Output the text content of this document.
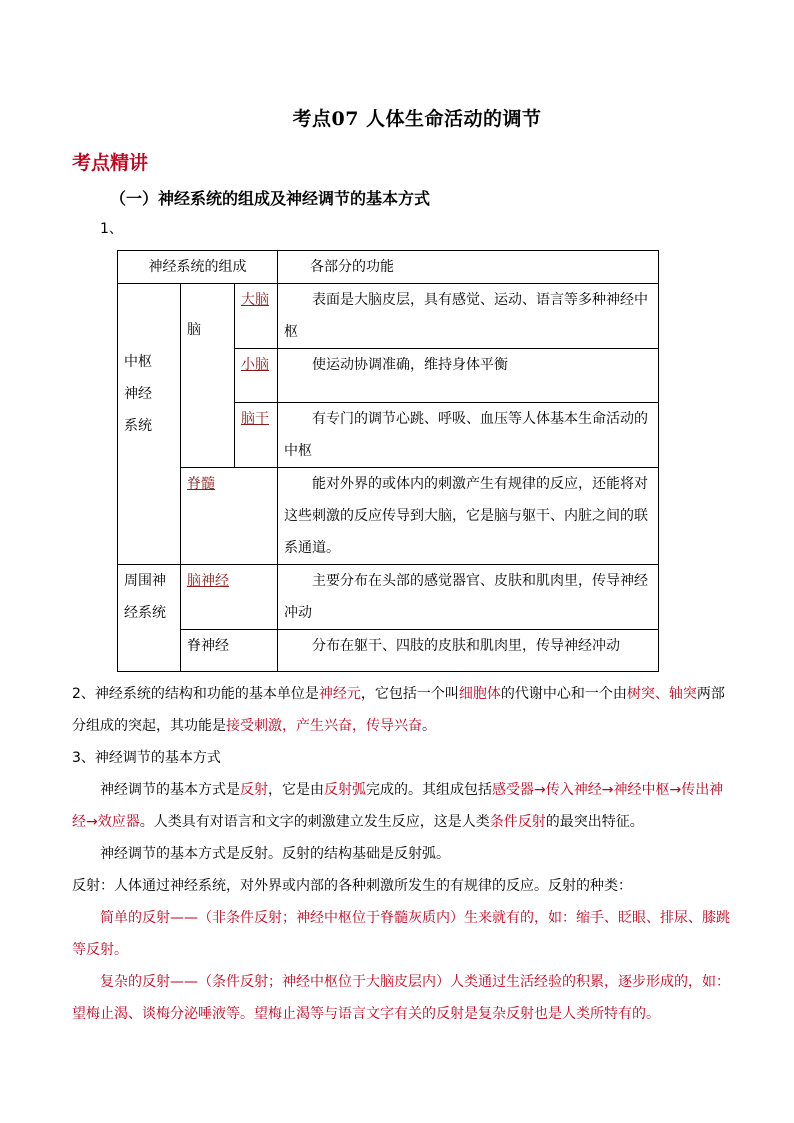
考点07 人体生命活动的调节
考点精讲
（一）神经系统的组成及神经调节的基本方式
1、
神经系统的组成			各部分的功能
中枢
神经
系统	脑	大脑	表面是大脑皮层，具有感觉、运动、语言等多种神经中枢
		小脑	使运动协调准确，维持身体平衡
		脑干	有专门的调节心跳、呼吸、血压等人体基本生命活动的中枢
	脊髓		能对外界的或体内的刺激产生有规律的反应，还能将对这些刺激的反应传导到大脑，它是脑与躯干、内脏之间的联系通道。
周围神经系统	脑神经		主要分布在头部的感觉器官、皮肤和肌肉里，传导神经冲动
	脊神经		分布在躯干、四肢的皮肤和肌肉里，传导神经冲动
2、神经系统的结构和功能的基本单位是神经元，它包括一个叫细胞体的代谢中心和一个由树突、轴突两部分组成的突起，其功能是接受刺激，产生兴奋，传导兴奋。
3、神经调节的基本方式
神经调节的基本方式是反射，它是由反射弧完成的。其组成包括感受器→传入神经→神经中枢→传出神经→效应器。人类具有对语言和文字的刺激建立发生反应，这是人类条件反射的最突出特征。
神经调节的基本方式是反射。反射的结构基础是反射弧。
反射：人体通过神经系统，对外界或内部的各种刺激所发生的有规律的反应。反射的种类：
简单的反射——（非条件反射；神经中枢位于脊髓灰质内）生来就有的，如：缩手、眨眼、排尿、膝跳等反射。
复杂的反射——（条件反射；神经中枢位于大脑皮层内）人类通过生活经验的积累，逐步形成的，如：望梅止渴、谈梅分泌唾液等。望梅止渴等与语言文字有关的反射是复杂反射也是人类所特有的。
